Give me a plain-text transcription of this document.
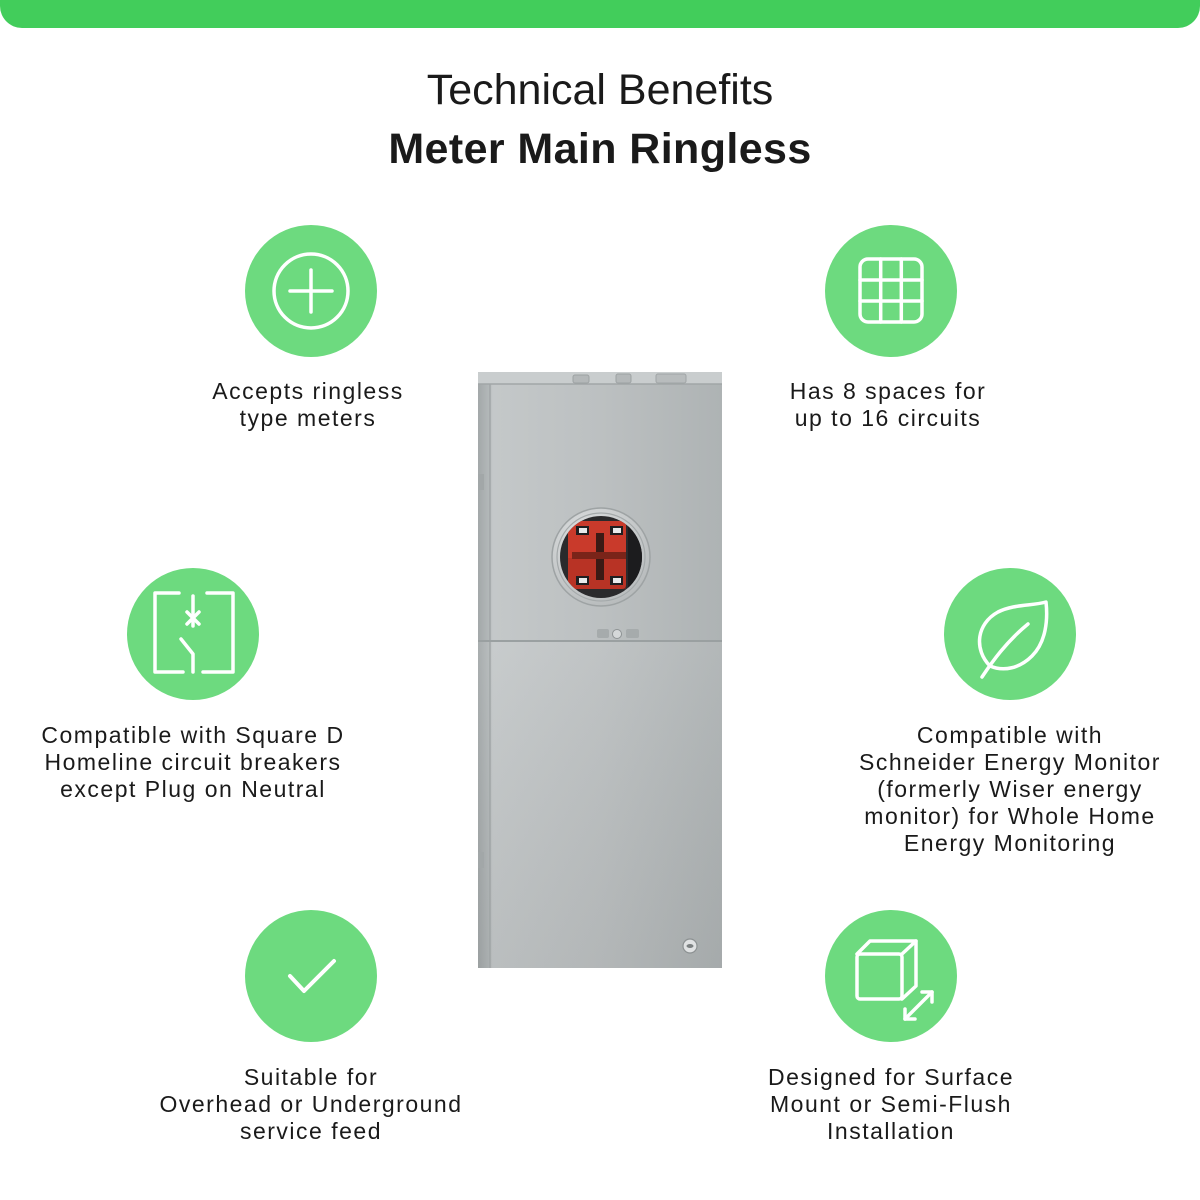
Technical Benefits
Meter Main Ringless
Accepts ringless
type meters
Has 8 spaces for
up to 16 circuits
Compatible with Square D
Homeline circuit breakers
except Plug on Neutral
Compatible with
Schneider Energy Monitor
(formerly Wiser energy
monitor) for Whole Home
Energy Monitoring
Suitable for
Overhead or Underground
service feed
Designed for Surface
Mount or Semi-Flush
Installation
